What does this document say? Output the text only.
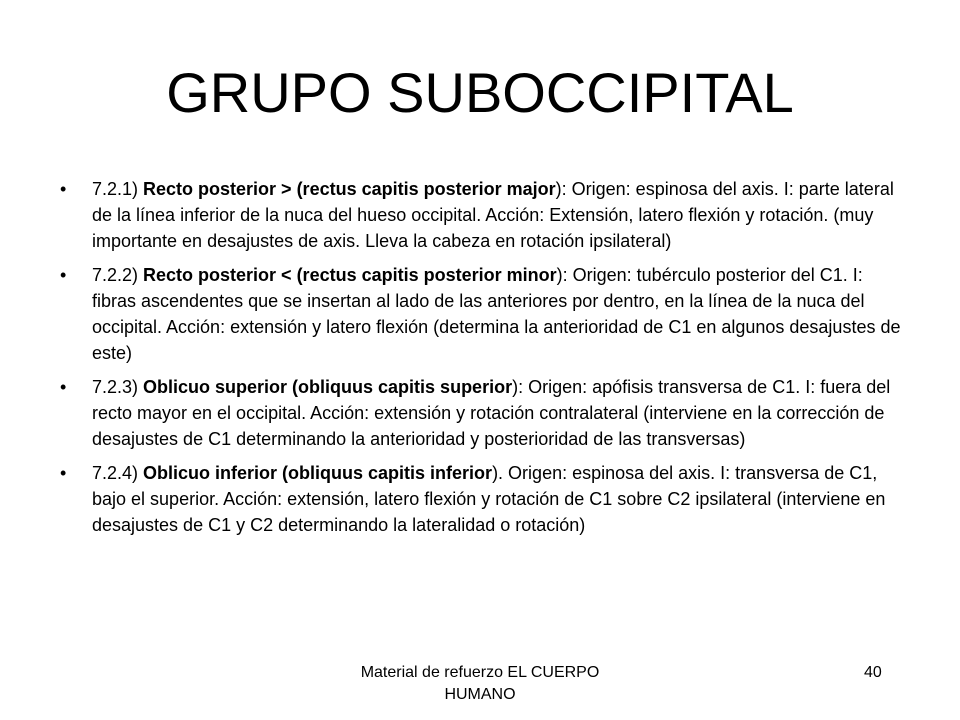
GRUPO SUBOCCIPITAL
• 7.2.1) Recto posterior > (rectus capitis posterior major): Origen: espinosa del axis. I: parte lateral de la línea inferior de la nuca del hueso occipital. Acción: Extensión, latero flexión y rotación. (muy importante en desajustes de axis. Lleva la cabeza en rotación ipsilateral)
• 7.2.2) Recto posterior < (rectus capitis posterior minor): Origen: tubérculo posterior del C1. I: fibras ascendentes que se insertan al lado de las anteriores por dentro, en la línea de la nuca del occipital. Acción: extensión y latero flexión (determina la anterioridad de C1 en algunos desajustes de este)
• 7.2.3) Oblicuo superior (obliquus capitis superior): Origen: apófisis transversa de C1. I: fuera del recto mayor en el occipital. Acción: extensión y rotación contralateral (interviene en la corrección de desajustes de C1 determinando la anterioridad y posterioridad de las transversas)
• 7.2.4) Oblicuo inferior (obliquus capitis inferior). Origen: espinosa del axis. I: transversa de C1, bajo el superior. Acción: extensión, latero flexión y rotación de C1 sobre C2 ipsilateral (interviene en desajustes de C1 y C2 determinando la lateralidad o rotación)
Material de refuerzo EL CUERPO
HUMANO
40
